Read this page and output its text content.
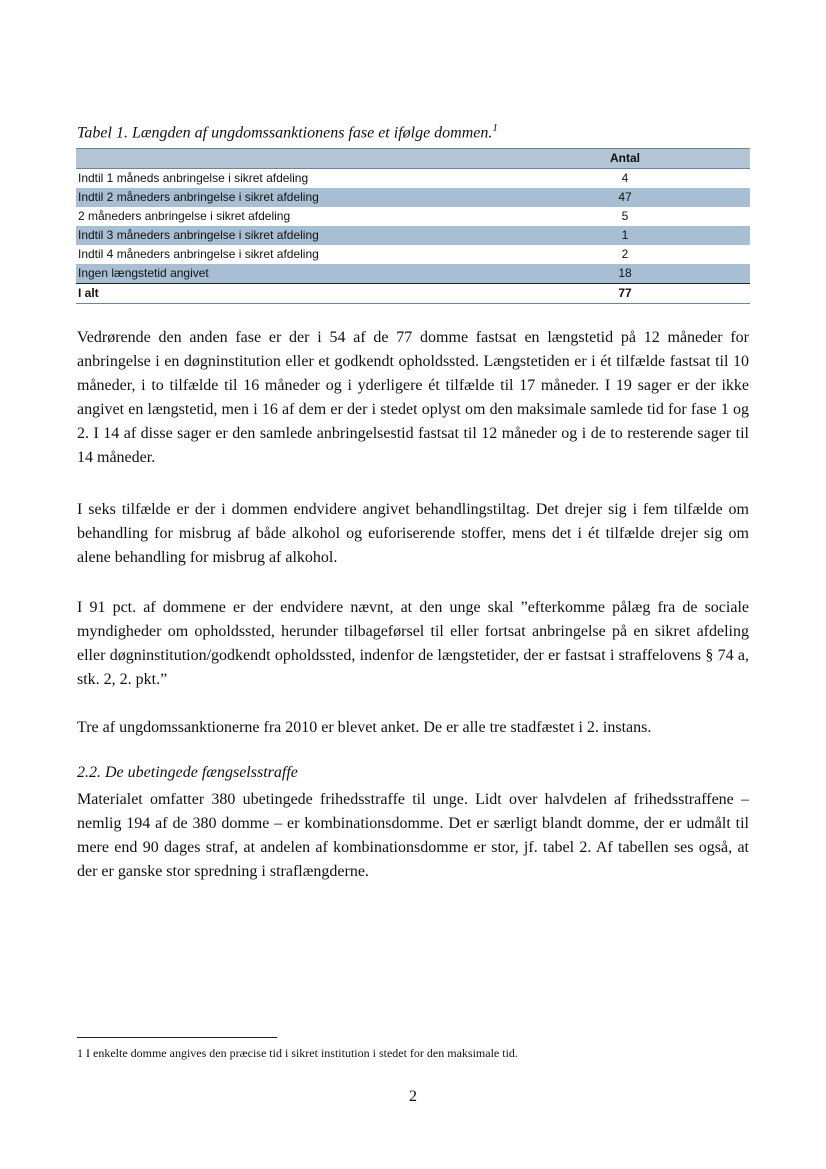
Tabel 1. Længden af ungdomssanktionens fase et ifølge dommen.$^1$
	Antal
Indtil 1 måneds anbringelse i sikret afdeling	4
Indtil 2 måneders anbringelse i sikret afdeling	47
2 måneders anbringelse i sikret afdeling	5
Indtil 3 måneders anbringelse i sikret afdeling	1
Indtil 4 måneders anbringelse i sikret afdeling	2
Ingen længstetid angivet	18
I alt	77

Vedrørende den anden fase er der i 54 af de 77 domme fastsat en længstetid på 12 måneder for anbringelse i en døgninstitution eller et godkendt opholdssted. Længstetiden er i ét tilfælde fastsat til 10 måneder, i to tilfælde til 16 måneder og i yderligere ét tilfælde til 17 måneder. I 19 sager er der ikke angivet en længstetid, men i 16 af dem er der i stedet oplyst om den maksimale samlede tid for fase 1 og 2. I 14 af disse sager er den samlede anbringelsestid fastsat til 12 måneder og i de to resterende sager til 14 måneder.

I seks tilfælde er der i dommen endvidere angivet behandlingstiltag. Det drejer sig i fem tilfælde om behandling for misbrug af både alkohol og euforiserende stoffer, mens det i ét tilfælde drejer sig om alene behandling for misbrug af alkohol.

I 91 pct. af dommene er der endvidere nævnt, at den unge skal ”efterkomme pålæg fra de sociale myndigheder om opholdssted, herunder tilbageførsel til eller fortsat anbringelse på en sikret afdeling eller døgninstitution/godkendt opholdssted, indenfor de længstetider, der er fastsat i straffelovens § 74 a, stk. 2, 2. pkt.”

Tre af ungdomssanktionerne fra 2010 er blevet anket. De er alle tre stadfæstet i 2. instans.

2.2. De ubetingede fængselsstraffe

Materialet omfatter 380 ubetingede frihedsstraffe til unge. Lidt over halvdelen af frihedsstraffene – nemlig 194 af de 380 domme – er kombinationsdomme. Det er særligt blandt domme, der er udmålt til mere end 90 dages straf, at andelen af kombinationsdomme er stor, jf. tabel 2. Af tabellen ses også, at der er ganske stor spredning i straflængderne.

1 I enkelte domme angives den præcise tid i sikret institution i stedet for den maksimale tid.
2
